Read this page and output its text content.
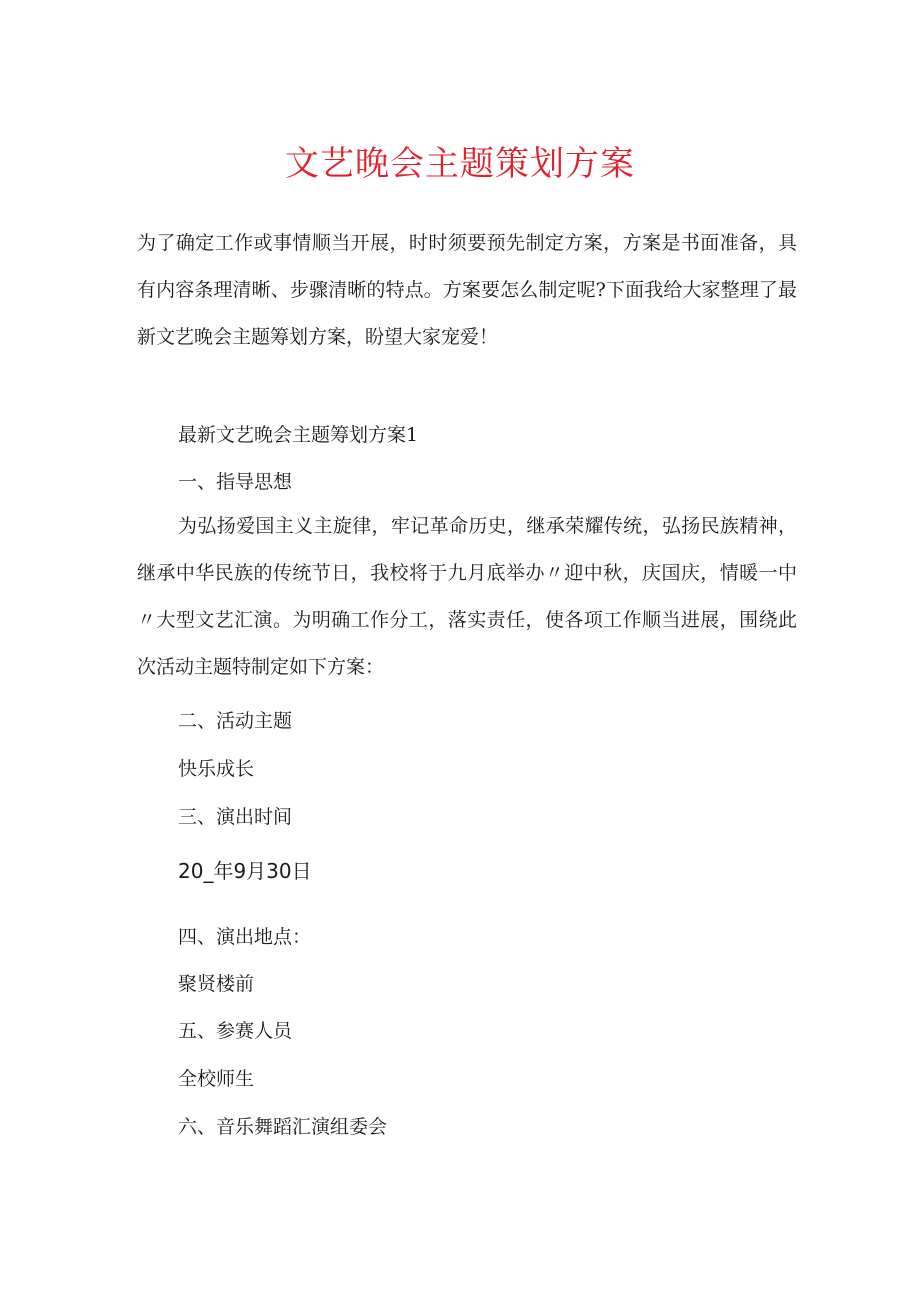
文艺晚会主题策划方案

为了确定工作或事情顺当开展，时时须要预先制定方案，方案是书面准备，具有内容条理清晰、步骤清晰的特点。方案要怎么制定呢?下面我给大家整理了最新文艺晚会主题筹划方案，盼望大家宠爱！

最新文艺晚会主题筹划方案1

一、指导思想

为弘扬爱国主义主旋律，牢记革命历史，继承荣耀传统，弘扬民族精神，继承中华民族的传统节日，我校将于九月底举办〃迎中秋，庆国庆，情暖一中〃大型文艺汇演。为明确工作分工，落实责任，使各项工作顺当进展，围绕此次活动主题特制定如下方案：

二、活动主题

快乐成长

三、演出时间

20_年9月30日

四、演出地点：

聚贤楼前

五、参赛人员

全校师生

六、音乐舞蹈汇演组委会
